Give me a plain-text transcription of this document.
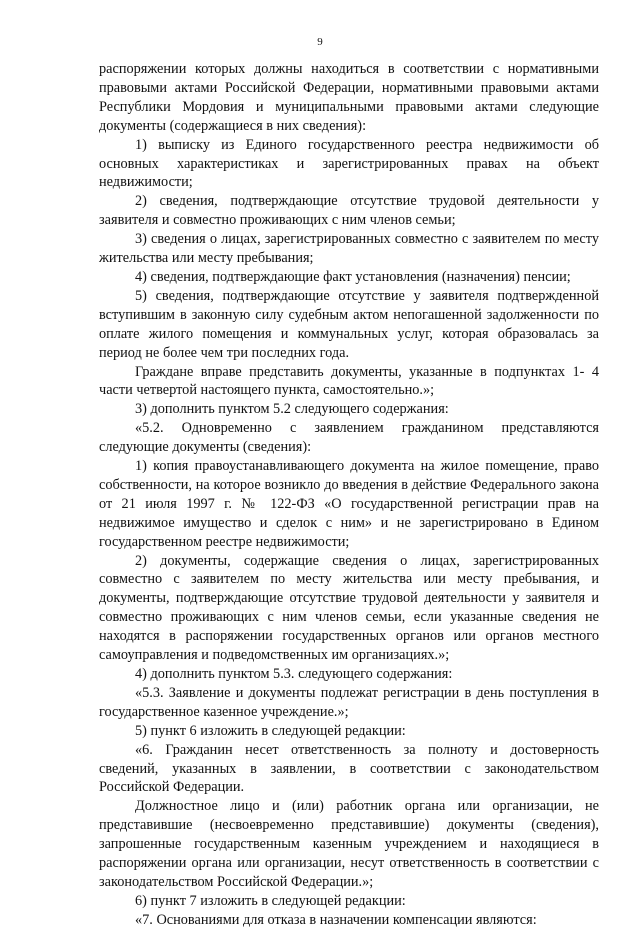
9

распоряжении которых должны находиться в соответствии с нормативными правовыми актами Российской Федерации, нормативными правовыми актами Республики Мордовия и муниципальными правовыми актами следующие документы (содержащиеся в них сведения):

1) выписку из Единого государственного реестра недвижимости об основных характеристиках и зарегистрированных правах на объект недвижимости;

2) сведения, подтверждающие отсутствие трудовой деятельности у заявителя и совместно проживающих с ним членов семьи;

3) сведения о лицах, зарегистрированных совместно с заявителем по месту жительства или месту пребывания;

4) сведения, подтверждающие факт установления (назначения) пенсии;

5) сведения, подтверждающие отсутствие у заявителя подтвержденной вступившим в законную силу судебным актом непогашенной задолженности по оплате жилого помещения и коммунальных услуг, которая образовалась за период не более чем три последних года.

Граждане вправе представить документы, указанные в подпунктах 1- 4 части четвертой настоящего пункта, самостоятельно.»;

3) дополнить пунктом 5.2 следующего содержания:

«5.2. Одновременно с заявлением гражданином представляются следующие документы (сведения):

1) копия правоустанавливающего документа на жилое помещение, право собственности, на которое возникло до введения в действие Федерального закона от 21 июля 1997 г. № 122-ФЗ «О государственной регистрации прав на недвижимое имущество и сделок с ним» и не зарегистрировано в Едином государственном реестре недвижимости;

2) документы, содержащие сведения о лицах, зарегистрированных совместно с заявителем по месту жительства или месту пребывания, и документы, подтверждающие отсутствие трудовой деятельности у заявителя и совместно проживающих с ним членов семьи, если указанные сведения не находятся в распоряжении государственных органов или органов местного самоуправления и подведомственных им организациях.»;

4) дополнить пунктом 5.3. следующего содержания:

«5.3. Заявление и документы подлежат регистрации в день поступления в государственное казенное учреждение.»;

5) пункт 6 изложить в следующей редакции:

«6. Гражданин несет ответственность за полноту и достоверность сведений, указанных в заявлении, в соответствии с законодательством Российской Федерации.

Должностное лицо и (или) работник органа или организации, не представившие (несвоевременно представившие) документы (сведения), запрошенные государственным казенным учреждением и находящиеся в распоряжении органа или организации, несут ответственность в соответствии с законодательством Российской Федерации.»;

6) пункт 7 изложить в следующей редакции:

«7. Основаниями для отказа в назначении компенсации являются:
